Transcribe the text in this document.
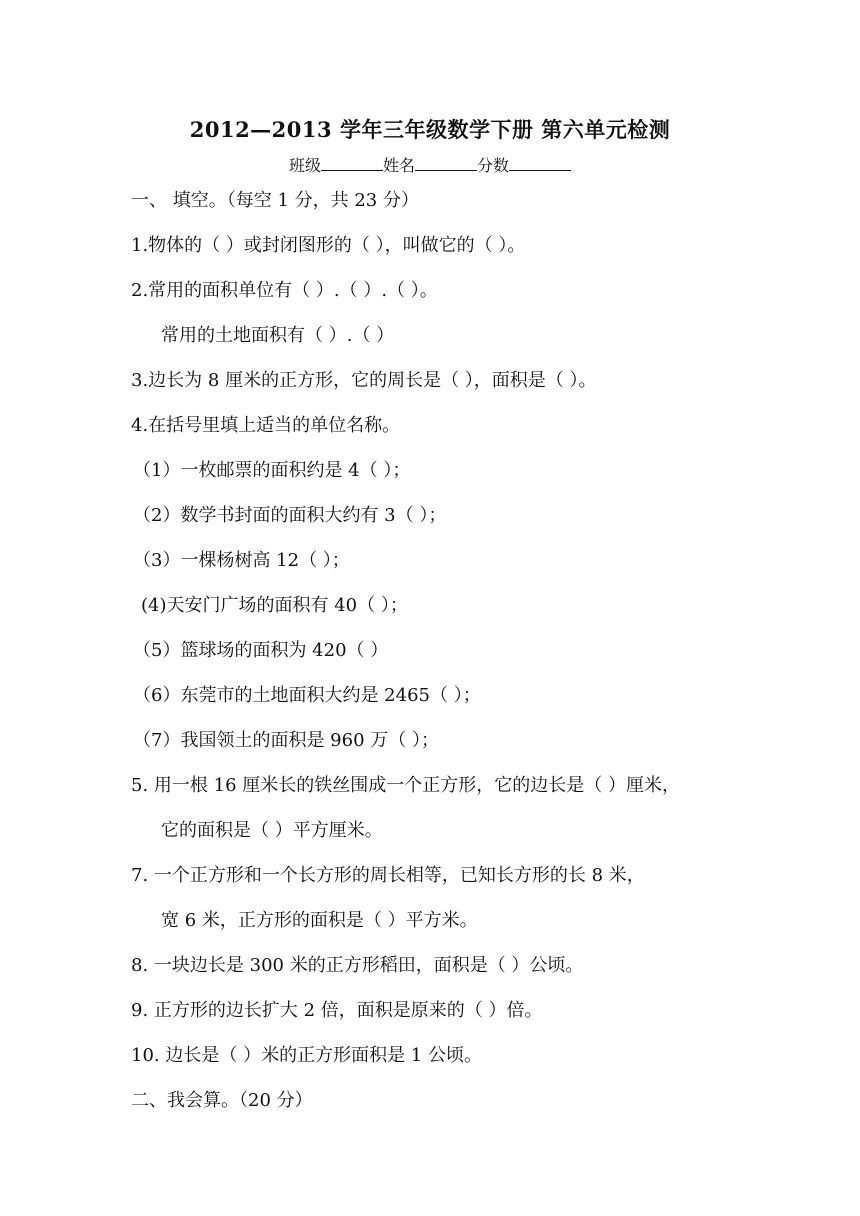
2012—2013 学年三年级数学下册 第六单元检测
班级	姓名	分数
一、 填空。（每空 1 分，共 23 分）
1.物体的（ ）或封闭图形的（ ），叫做它的（ ）。
2.常用的面积单位有（ ）.（ ）.（ ）。
常用的土地面积有（ ）.（ ）
3.边长为 8 厘米的正方形，它的周长是（ ），面积是（ ）。
4.在括号里填上适当的单位名称。
（1）一枚邮票的面积约是 4（ ）；
（2）数学书封面的面积大约有 3（ ）；
（3）一棵杨树高 12（ ）；
(4)天安门广场的面积有 40（ ）；
（5）篮球场的面积为 420（ ）
（6）东莞市的土地面积大约是 2465（ ）；
（7）我国领土的面积是 960 万（ ）；
5. 用一根 16 厘米长的铁丝围成一个正方形，它的边长是（ ）厘米，
它的面积是（ ）平方厘米。
7. 一个正方形和一个长方形的周长相等，已知长方形的长 8 米，
宽 6 米，正方形的面积是（ ）平方米。
8. 一块边长是 300 米的正方形稻田，面积是（ ）公顷。
9. 正方形的边长扩大 2 倍，面积是原来的（ ）倍。
10. 边长是（ ）米的正方形面积是 1 公顷。
二、我会算。（20 分）
